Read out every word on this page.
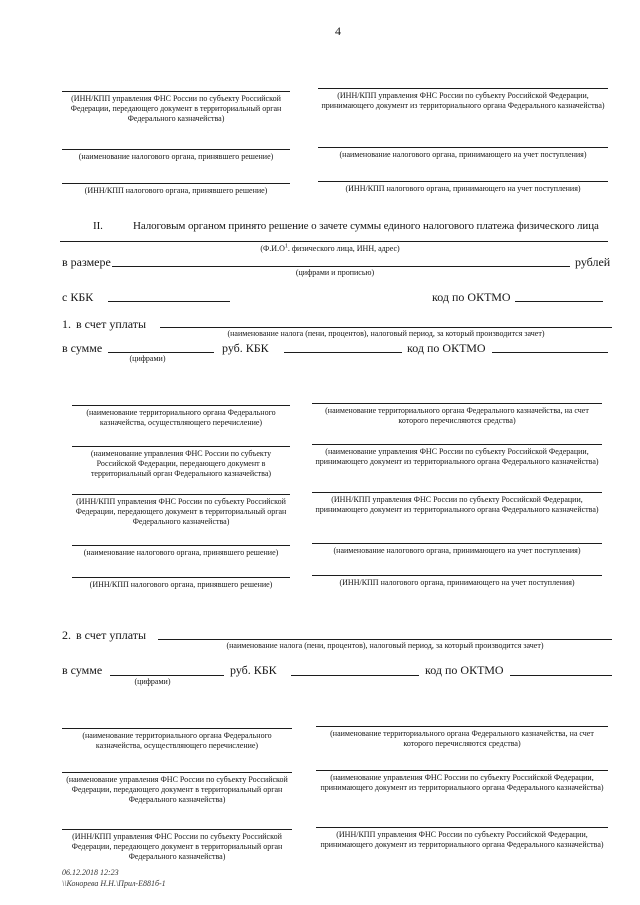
4
(ИНН/КПП управления ФНС России по субъекту Российской Федерации, передающего документ в территориальный орган Федерального казначейства)
(ИНН/КПП управления ФНС России по субъекту Российской Федерации, принимающего документ из территориального органа Федерального казначейства)
(наименование налогового органа, принявшего решение)	(наименование налогового органа, принимающего на учет поступления)
(ИНН/КПП налогового органа, принявшего решение)	(ИНН/КПП налогового органа, принимающего на учет поступления)
II.	Налоговым органом принято решение о зачете суммы единого налогового платежа физического лица
($Ф.И.О^1$. физического лица, ИНН, адрес)
в размере	рублей
(цифрами и прописью)
с КБК	код по ОКТМО
1. в счет уплаты
(наименование налога (пени, процентов), налоговый период, за который производится зачет)
в сумме	руб. КБК	код по ОКТМО
(цифрами)
(наименование территориального органа Федерального казначейства, осуществляющего перечисление)
(наименование территориального органа Федерального казначейства, на счет которого перечисляются средства)
(наименование управления ФНС России по субъекту Российской Федерации, передающего документ в территориальный орган Федерального казначейства)
(наименование управления ФНС России по субъекту Российской Федерации, принимающего документ из территориального органа Федерального казначейства)
(ИНН/КПП управления ФНС России по субъекту Российской Федерации, передающего документ в территориальный орган Федерального казначейства)
(ИНН/КПП управления ФНС России по субъекту Российской Федерации, принимающего документ из территориального органа Федерального казначейства)
(наименование налогового органа, принявшего решение)	(наименование налогового органа, принимающего на учет поступления)
(ИНН/КПП налогового органа, принявшего решение)	(ИНН/КПП налогового органа, принимающего на учет поступления)
2. в счет уплаты
(наименование налога (пени, процентов), налоговый период, за который производится зачет)
в сумме	руб. КБК	код по ОКТМО
(цифрами)
(наименование территориального органа Федерального казначейства, осуществляющего перечисление)
(наименование территориального органа Федерального казначейства, на счет которого перечисляются средства)
(наименование управления ФНС России по субъекту Российской Федерации, передающего документ в территориальный орган Федерального казначейства)
(наименование управления ФНС России по субъекту Российской Федерации, принимающего документ из территориального органа Федерального казначейства)
(ИНН/КПП управления ФНС России по субъекту Российской Федерации, передающего документ в территориальный орган Федерального казначейства)
(ИНН/КПП управления ФНС России по субъекту Российской Федерации, принимающего документ из территориального органа Федерального казначейства)
06.12.2018 12:23
\\Конорева Н.Н.\Прил-Е881б-1
